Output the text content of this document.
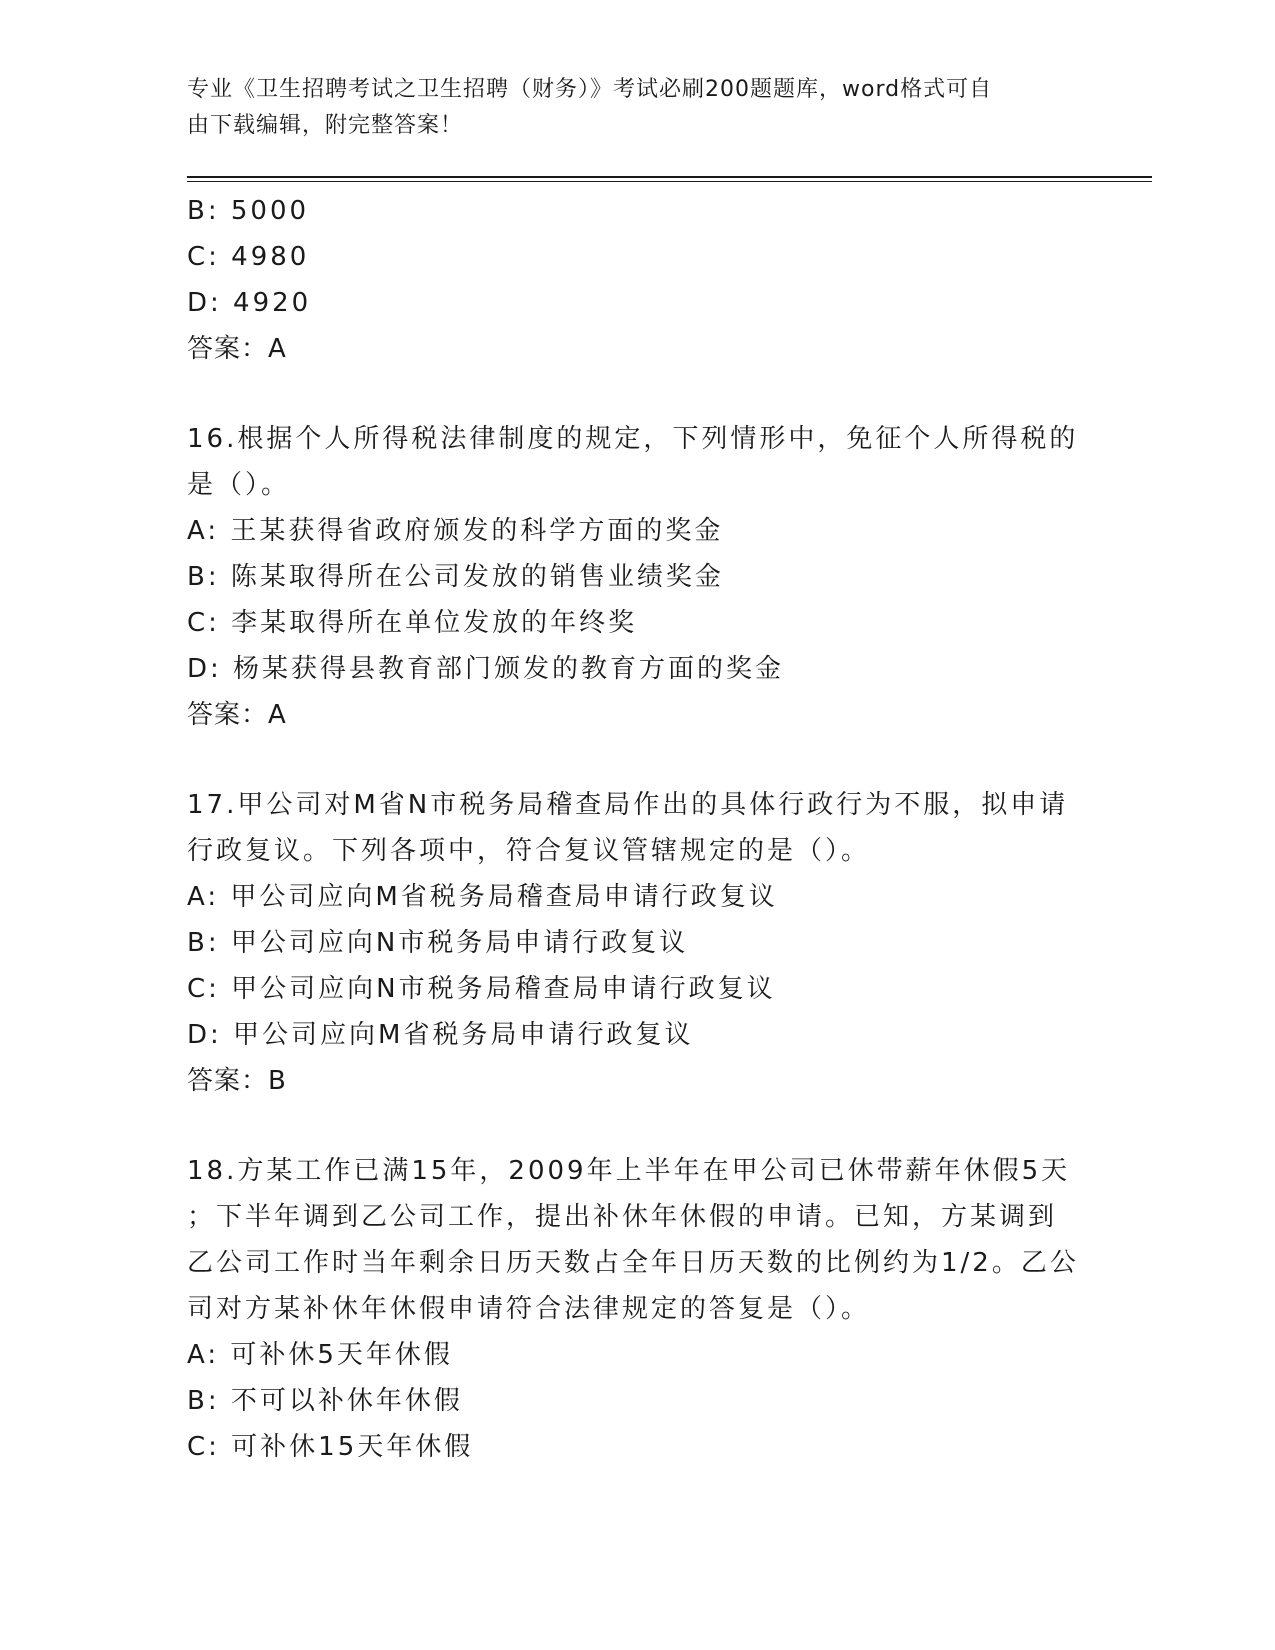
专业《卫生招聘考试之卫生招聘（财务）》考试必刷200题题库，word格式可自
由下载编辑，附完整答案！
B: 5000
C: 4980
D: 4920
答案：A
16.根据个人所得税法律制度的规定，下列情形中，免征个人所得税的
是（）。
A: 王某获得省政府颁发的科学方面的奖金
B: 陈某取得所在公司发放的销售业绩奖金
C: 李某取得所在单位发放的年终奖
D: 杨某获得县教育部门颁发的教育方面的奖金
答案：A
17.甲公司对M省N市税务局稽查局作出的具体行政行为不服，拟申请
行政复议。下列各项中，符合复议管辖规定的是（）。
A: 甲公司应向M省税务局稽查局申请行政复议
B: 甲公司应向N市税务局申请行政复议
C: 甲公司应向N市税务局稽查局申请行政复议
D: 甲公司应向M省税务局申请行政复议
答案：B
18.方某工作已满15年，2009年上半年在甲公司已休带薪年休假5天
；下半年调到乙公司工作，提出补休年休假的申请。已知，方某调到
乙公司工作时当年剩余日历天数占全年日历天数的比例约为1/2。乙公
司对方某补休年休假申请符合法律规定的答复是（）。
A: 可补休5天年休假
B: 不可以补休年休假
C: 可补休15天年休假
